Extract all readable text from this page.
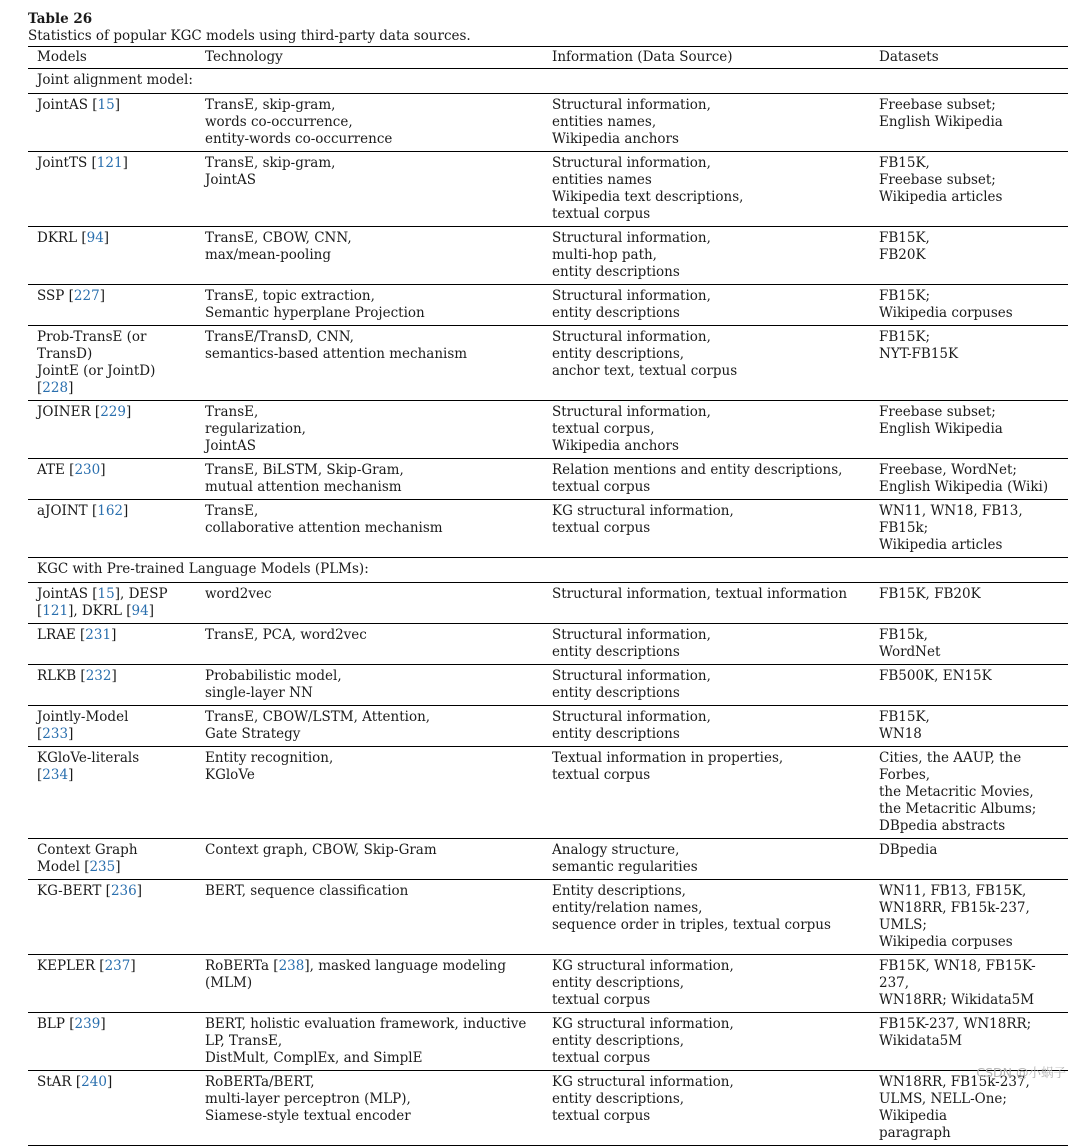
Table 26

Statistics of popular KGC models using third-party data sources.

Models	Technology	Information (Data Source)	Datasets
Joint alignment model:			
JointAS [15]	TransE, skip-gram,
words co-occurrence,
entity-words co-occurrence	Structural information,
entities names,
Wikipedia anchors	Freebase subset;
English Wikipedia
JointTS [121]	TransE, skip-gram,
JointAS	Structural information,
entities names
Wikipedia text descriptions,
textual corpus	FB15K,
Freebase subset;
Wikipedia articles
DKRL [94]	TransE, CBOW, CNN,
max/mean-pooling	Structural information,
multi-hop path,
entity descriptions	FB15K,
FB20K
SSP [227]	TransE, topic extraction,
Semantic hyperplane Projection	Structural information,
entity descriptions	FB15K;
Wikipedia corpuses
Prob-TransE (or
TransD)
JointE (or JointD)
[228]	TransE/TransD, CNN,
semantics-based attention mechanism	Structural information,
entity descriptions,
anchor text, textual corpus	FB15K;
NYT-FB15K
JOINER [229]	TransE,
regularization,
JointAS	Structural information,
textual corpus,
Wikipedia anchors	Freebase subset;
English Wikipedia
ATE [230]	TransE, BiLSTM, Skip-Gram,
mutual attention mechanism	Relation mentions and entity descriptions,
textual corpus	Freebase, WordNet;
English Wikipedia (Wiki)
aJOINT [162]	TransE,
collaborative attention mechanism	KG structural information,
textual corpus	WN11, WN18, FB13, FB15k;
Wikipedia articles
KGC with Pre-trained Language Models (PLMs):			
JointAS [15], DESP
[121], DKRL [94]	word2vec	Structural information, textual information	FB15K, FB20K
LRAE [231]	TransE, PCA, word2vec	Structural information,
entity descriptions	FB15k,
WordNet
RLKB [232]	Probabilistic model,
single-layer NN	Structural information,
entity descriptions	FB500K, EN15K
Jointly-Model
[233]	TransE, CBOW/LSTM, Attention,
Gate Strategy	Structural information,
entity descriptions	FB15K,
WN18
KGloVe-literals
[234]	Entity recognition,
KGloVe	Textual information in properties,
textual corpus	Cities, the AAUP, the Forbes,
the Metacritic Movies,
the Metacritic Albums;
DBpedia abstracts
Context Graph
Model [235]	Context graph, CBOW, Skip-Gram	Analogy structure,
semantic regularities	DBpedia
KG-BERT [236]	BERT, sequence classification	Entity descriptions,
entity/relation names,
sequence order in triples, textual corpus	WN11, FB13, FB15K,
WN18RR, FB15k-237, UMLS;
Wikipedia corpuses
KEPLER [237]	RoBERTa [238], masked language modeling
(MLM)	KG structural information,
entity descriptions,
textual corpus	FB15K, WN18, FB15K-237,
WN18RR; Wikidata5M
BLP [239]	BERT, holistic evaluation framework, inductive
LP, TransE,
DistMult, ComplEx, and SimplE	KG structural information,
entity descriptions,
textual corpus	FB15K-237, WN18RR;
Wikidata5M
StAR [240]	RoBERTa/BERT,
multi-layer perceptron (MLP),
Siamese-style textual encoder	KG structural information,
entity descriptions,
textual corpus	WN18RR, FB15k-237,
ULMS, NELL-One; Wikipedia
paragraph
CSDN @小蜗子
